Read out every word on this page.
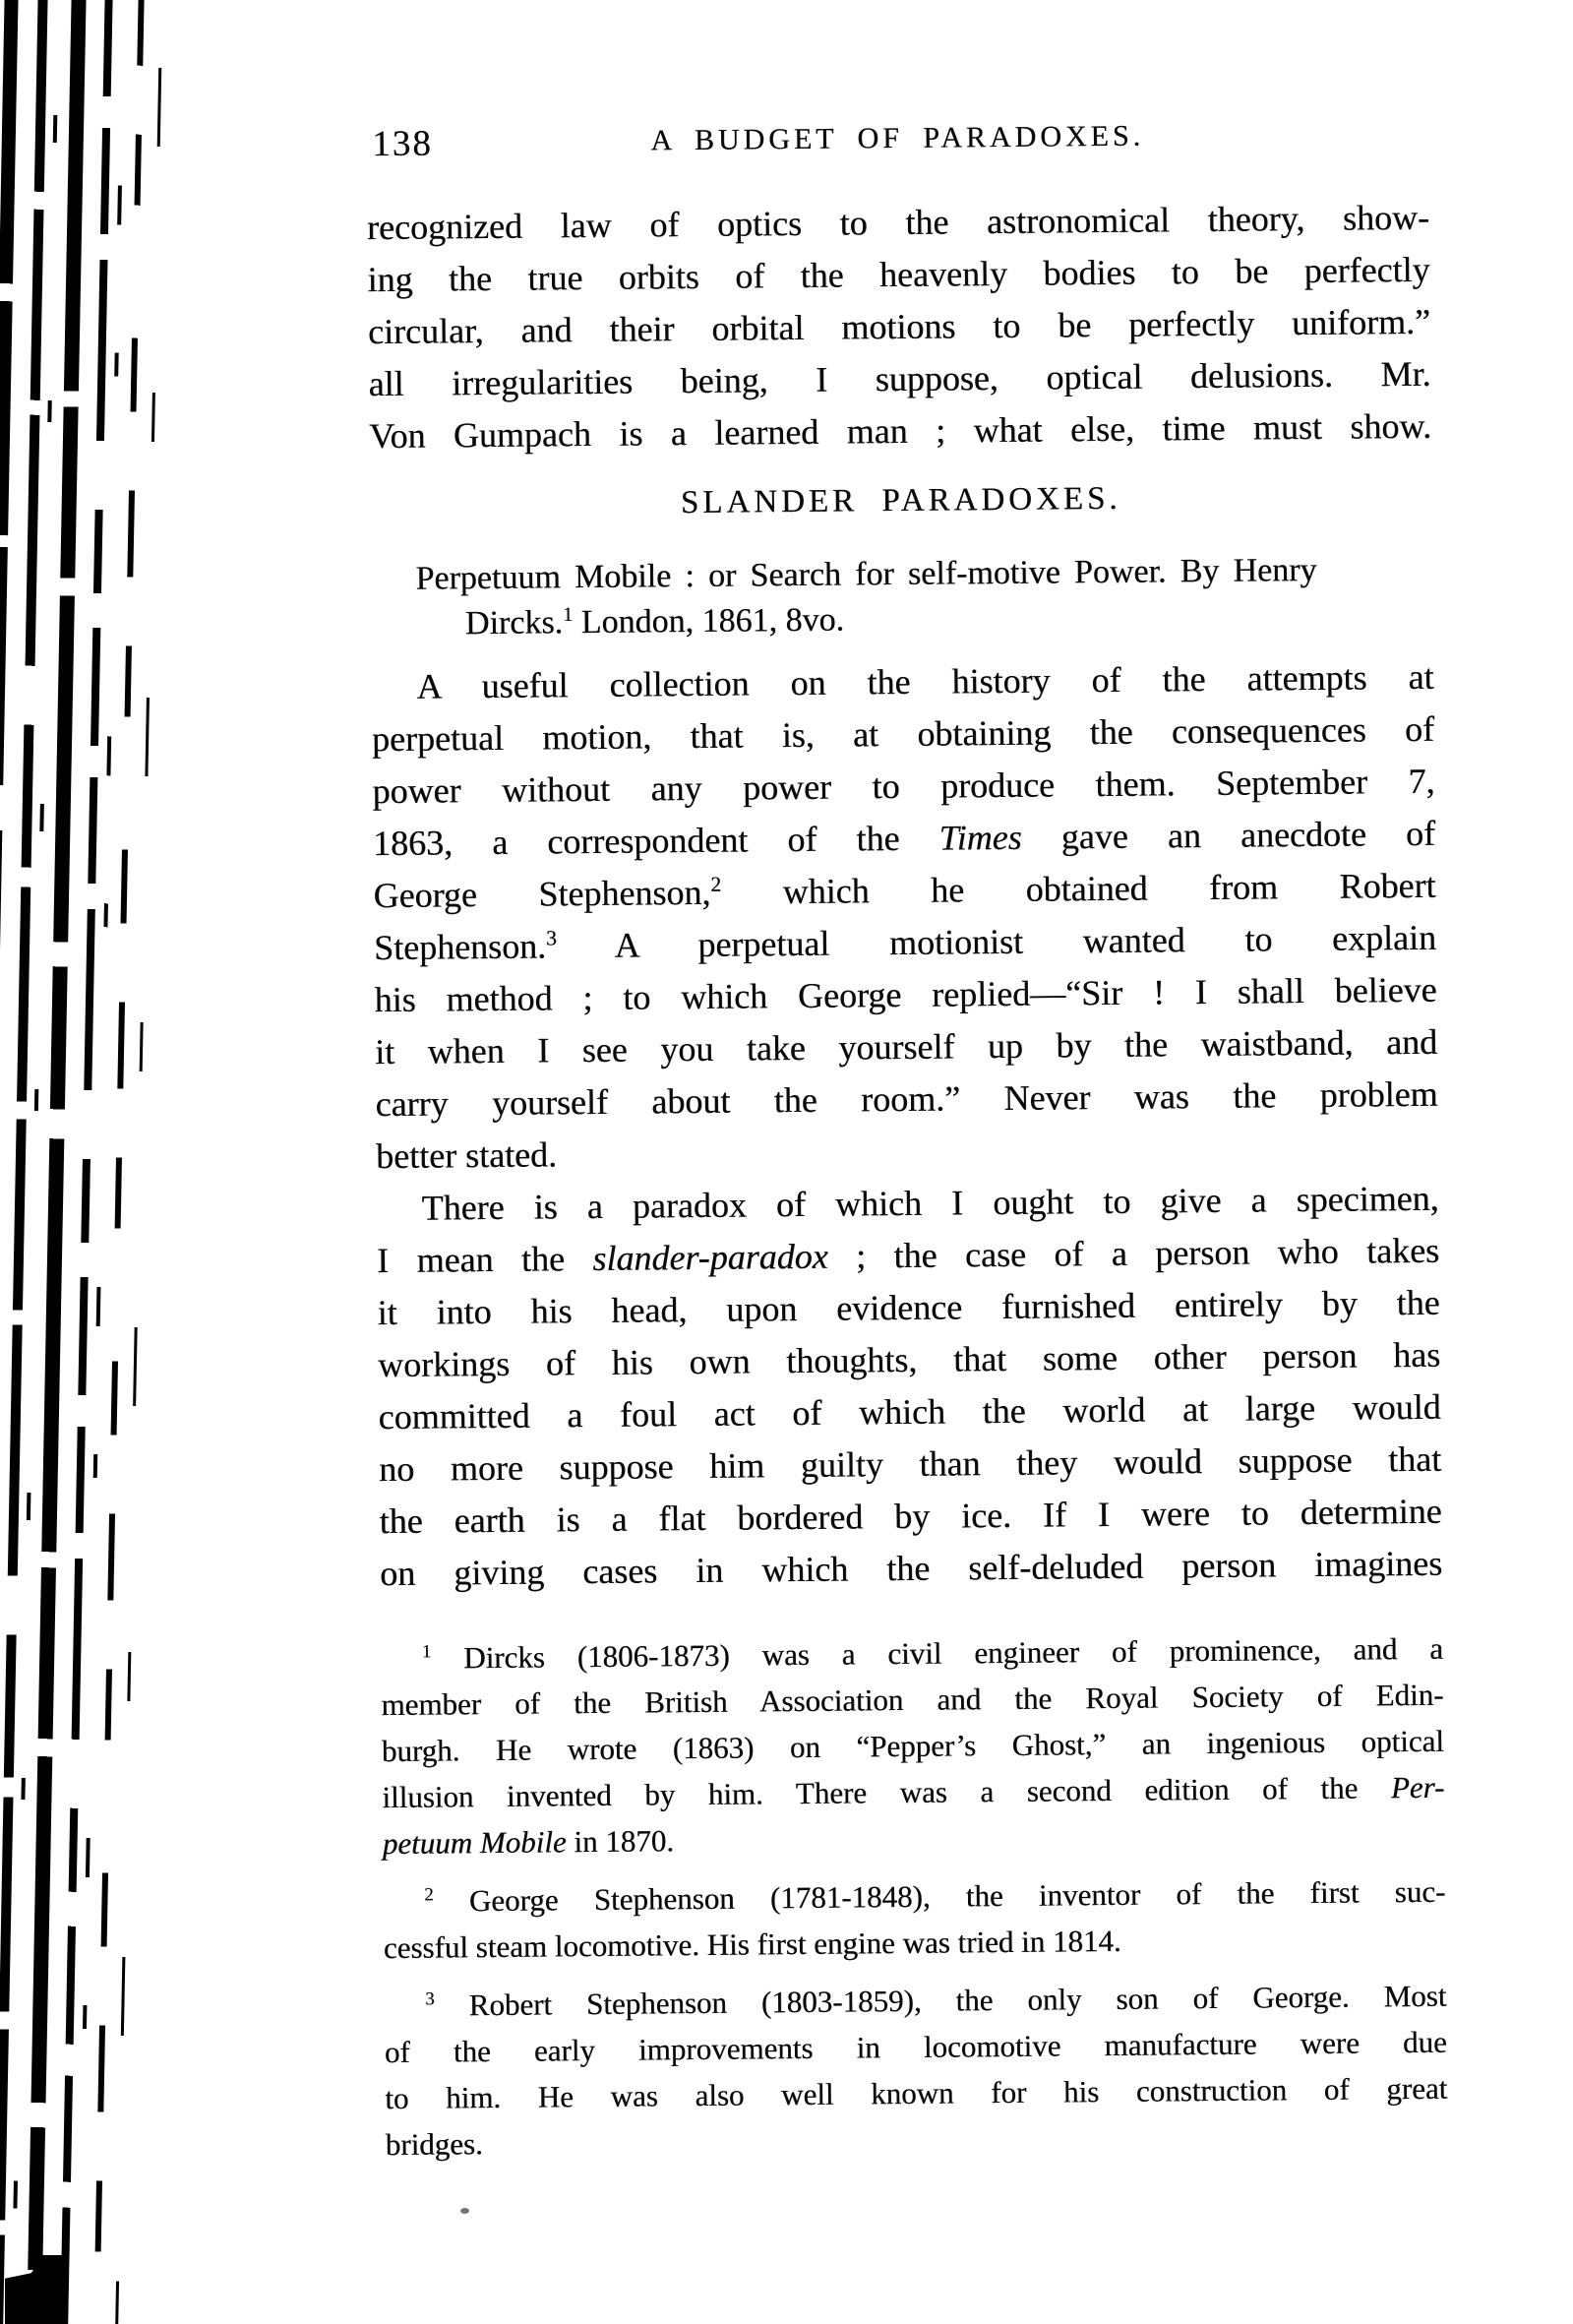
138	A BUDGET OF PARADOXES.
recognized law of optics to the astronomical theory, show-
ing the true orbits of the heavenly bodies to be perfectly
circular, and their orbital motions to be perfectly uniform.”
all irregularities being, I suppose, optical delusions. Mr.
Von Gumpach is a learned man ; what else, time must show.
SLANDER PARADOXES.
Perpetuum Mobile : or Search for self-motive Power. By Henry
Dircks.$^1$ London, 1861, 8vo.
A useful collection on the history of the attempts at
perpetual motion, that is, at obtaining the consequences of
power without any power to produce them. September 7,
1863, a correspondent of the Times gave an anecdote of
George Stephenson,$^2$ which he obtained from Robert
Stephenson.$^3$ A perpetual motionist wanted to explain
his method ; to which George replied—“Sir ! I shall believe
it when I see you take yourself up by the waistband, and
carry yourself about the room.” Never was the problem
better stated.
There is a paradox of which I ought to give a specimen,
I mean the slander-paradox ; the case of a person who takes
it into his head, upon evidence furnished entirely by the
workings of his own thoughts, that some other person has
committed a foul act of which the world at large would
no more suppose him guilty than they would suppose that
the earth is a flat bordered by ice. If I were to determine
on giving cases in which the self-deluded person imagines
$^1$ Dircks (1806-1873) was a civil engineer of prominence, and a
member of the British Association and the Royal Society of Edin-
burgh. He wrote (1863) on “Pepper’s Ghost,” an ingenious optical
illusion invented by him. There was a second edition of the Per-
petuum Mobile in 1870.
$^2$ George Stephenson (1781-1848), the inventor of the first suc-
cessful steam locomotive. His first engine was tried in 1814.
$^3$ Robert Stephenson (1803-1859), the only son of George. Most
of the early improvements in locomotive manufacture were due
to him. He was also well known for his construction of great
bridges.
